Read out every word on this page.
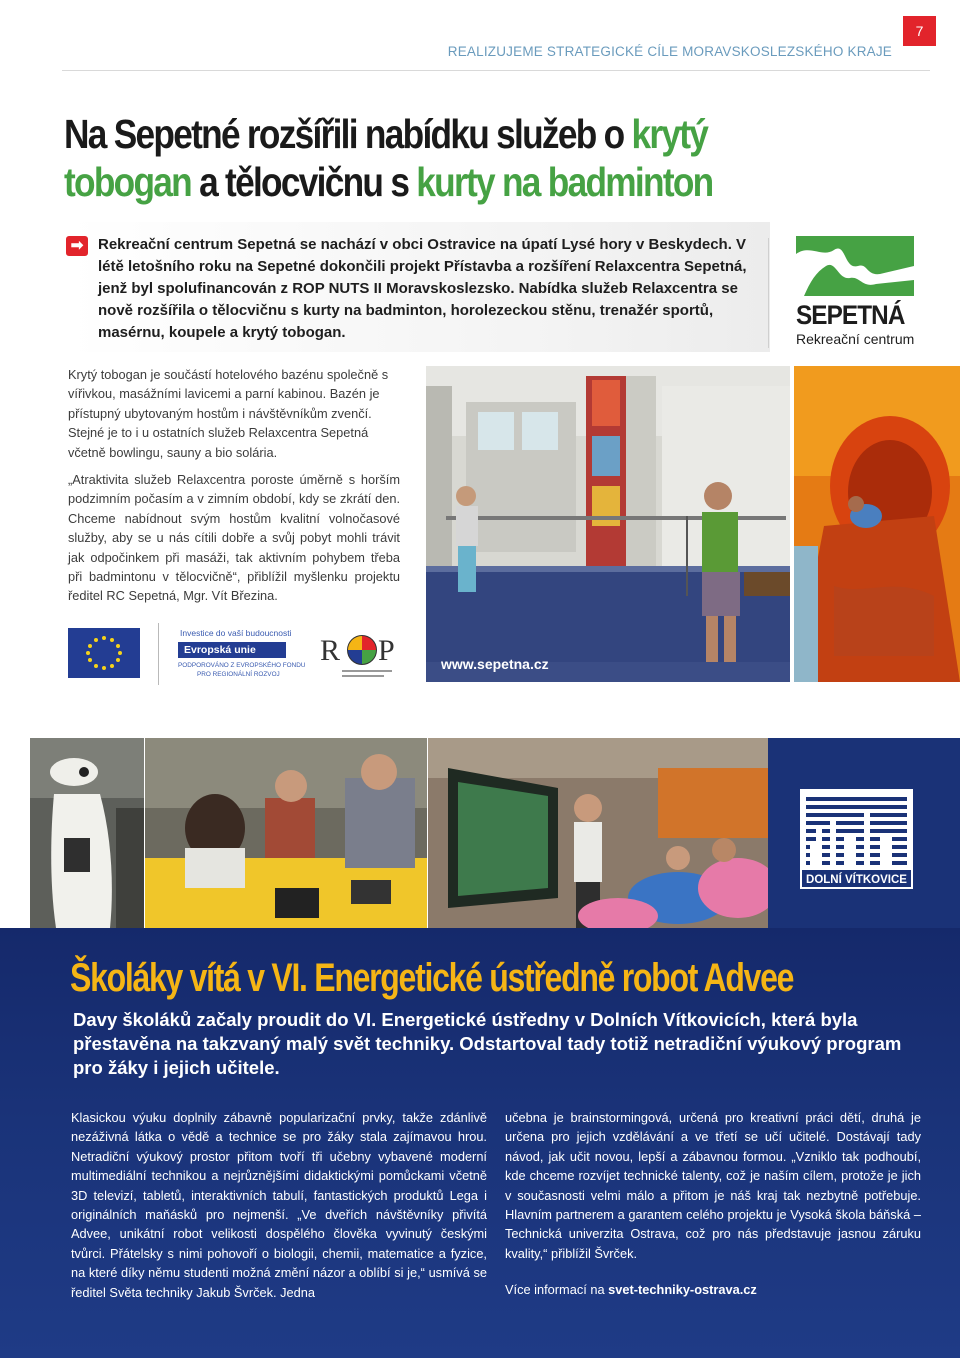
7
REALIZUJEME STRATEGICKÉ CÍLE MORAVSKOSLEZSKÉHO KRAJE
Na Sepetné rozšířili nabídku služeb o krytý
tobogan a tělocvičnu s kurty na badminton
➡ Rekreační centrum Sepetná se nachází v obci Ostravice na úpatí Lysé hory v Beskydech. V létě letošního roku na Sepetné dokončili projekt Přístavba a rozšíření Relaxcentra Sepetná, jenž byl spolufinancován z ROP NUTS II Moravskoslezsko. Nabídka služeb Relaxcentra se nově rozšířila o tělocvičnu s kurty na badminton, horolezeckou stěnu, trenažér sportů, masérnu, koupele a krytý tobogan.

SEPETNÁ
Rekreační centrum

Krytý tobogan je součástí hotelového bazénu společně s vířivkou, masážními lavicemi a parní kabinou. Bazén je přístupný ubytovaným hostům i návštěvníkům zvenčí. Stejné je to i u ostatních služeb Relaxcentra Sepetná včetně bowlingu, sauny a bio solária.

„Atraktivita služeb Relaxcentra poroste úměrně s horším podzimním počasím a v zimním období, kdy se zkrátí den. Chceme nabídnout svým hostům kvalitní volnočasové služby, aby se u nás cítili dobře a svůj pobyt mohli trávit jak odpočinkem při masáži, tak aktivním pohybem třeba při badmintonu v tělocvičně“, přiblížil myšlenku projektu ředitel RC Sepetná, Mgr. Vít Březina.

www.sepetna.cz
Investice do vaší budoucnosti
Evropská unie
PODPOROVÁNO Z EVROPSKÉHO FONDU
PRO REGIONÁLNÍ ROZVOJ
R P
DOLNÍ VÍTKOVICE
Školáky vítá v VI. Energetické ústředně robot Advee

Davy školáků začaly proudit do VI. Energetické ústředny v Dolních Vítkovicích, která byla přestavěna na takzvaný malý svět techniky. Odstartoval tady totiž netradiční výukový program pro žáky i jejich učitele.

Klasickou výuku doplnily zábavně popularizační prvky, takže zdánlivě nezáživná látka o vědě a technice se pro žáky stala zajímavou hrou. Netradiční výukový prostor přitom tvoří tři učebny vybavené moderní multimediální technikou a nejrůznějšími didaktickými pomůckami včetně 3D televizí, tabletů, interaktivních tabulí, fantastických produktů Lega i originálních maňásků pro nejmenší. „Ve dveřích návštěvníky přivítá Advee, unikátní robot velikosti dospělého člověka vyvinutý českými tvůrci. Přátelsky s nimi pohovoří o biologii, chemii, matematice a fyzice, na které díky němu studenti možná změní názor a oblíbí si je,“ usmívá se ředitel Světa techniky Jakub Švrček. Jedna

učebna je brainstormingová, určená pro kreativní práci dětí, druhá je určena pro jejich vzdělávání a ve třetí se učí učitelé. Dostávají tady návod, jak učit novou, lepší a zábavnou formou. „Vzniklo tak podhoubí, kde chceme rozvíjet technické talenty, což je naším cílem, protože je jich v současnosti velmi málo a přitom je náš kraj tak nezbytně potřebuje. Hlavním partnerem a garantem celého projektu je Vysoká škola báňská – Technická univerzita Ostrava, což pro nás představuje jasnou záruku kvality,“ přiblížil Švrček.

Více informací na svet-techniky-ostrava.cz
